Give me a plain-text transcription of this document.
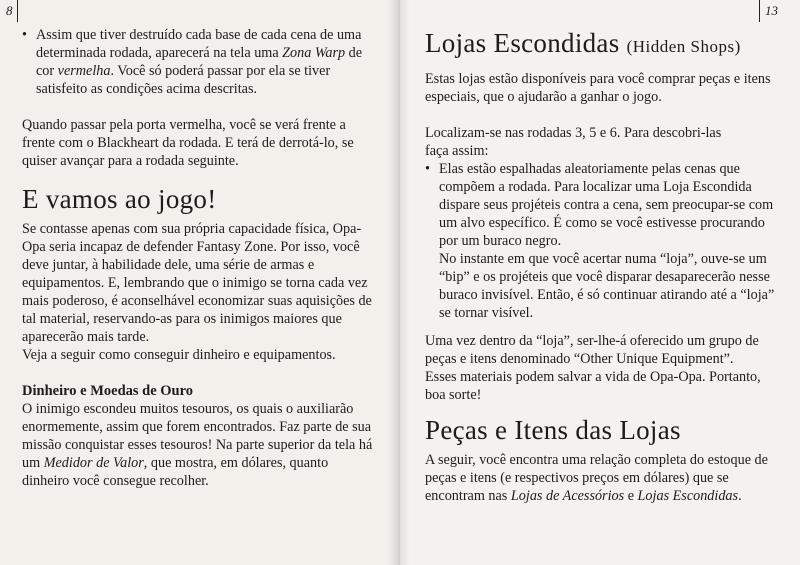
8	13

• Assim que tiver destruído cada base de cada cena de uma determinada rodada, aparecerá na tela uma Zona Warp de cor vermelha. Você só poderá passar por ela se tiver satisfeito as condições acima descritas.

Quando passar pela porta vermelha, você se verá frente a frente com o Blackheart da rodada. E terá de derrotá-lo, se quiser avançar para a rodada seguinte.

E vamos ao jogo!

Se contasse apenas com sua própria capacidade física, Opa-Opa seria incapaz de defender Fantasy Zone. Por isso, você deve juntar, à habilidade dele, uma série de armas e equipamentos. E, lembrando que o inimigo se torna cada vez mais poderoso, é aconselhável economizar suas aquisições de tal material, reservando-as para os inimigos maiores que aparecerão mais tarde.

Veja a seguir como conseguir dinheiro e equipamentos.

Dinheiro e Moedas de Ouro

O inimigo escondeu muitos tesouros, os quais o auxiliarão enormemente, assim que forem encontrados. Faz parte de sua missão conquistar esses tesouros! Na parte superior da tela há um Medidor de Valor, que mostra, em dólares, quanto dinheiro você consegue recolher.

Lojas Escondidas (Hidden Shops)

Estas lojas estão disponíveis para você comprar peças e itens especiais, que o ajudarão a ganhar o jogo.

Localizam-se nas rodadas 3, 5 e 6. Para descobri-las

faça assim:

• Elas estão espalhadas aleatoriamente pelas cenas que compõem a rodada. Para localizar uma Loja Escondida dispare seus projéteis contra a cena, sem preocupar-se com um alvo específico. É como se você estivesse procurando por um buraco negro.

No instante em que você acertar numa “loja”, ouve-se um “bip” e os projéteis que você disparar desaparecerão nesse buraco invisível. Então, é só continuar atirando até a “loja” se tornar visível.

Uma vez dentro da “loja”, ser-lhe-á oferecido um grupo de peças e itens denominado “Other Unique Equipment”.

Esses materiais podem salvar a vida de Opa-Opa. Portanto, boa sorte!

Peças e Itens das Lojas

A seguir, você encontra uma relação completa do estoque de peças e itens (e respectivos preços em dólares) que se encontram nas Lojas de Acessórios e Lojas Escondidas.
